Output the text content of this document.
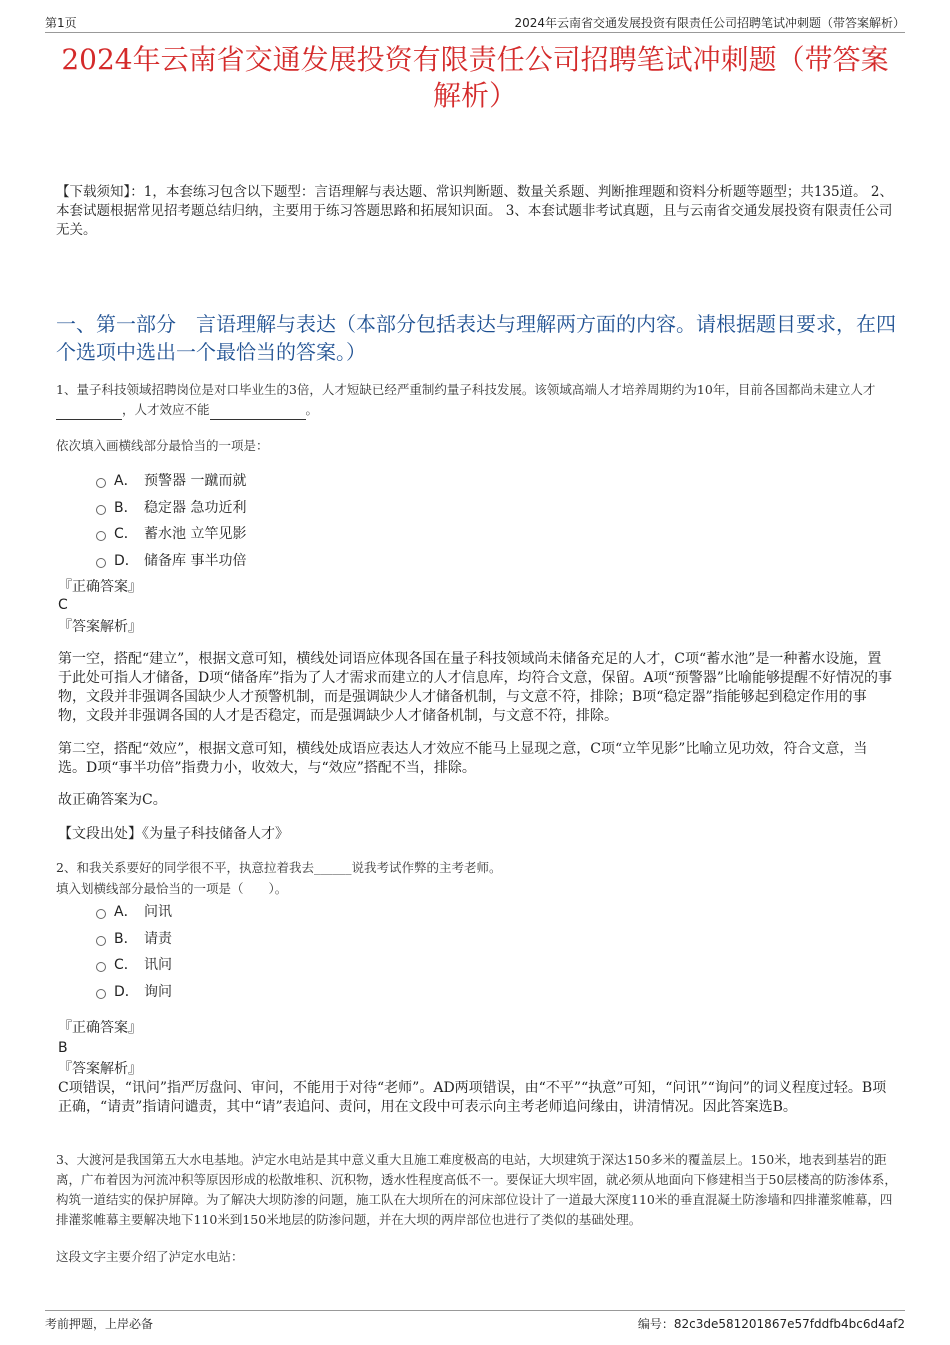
第1页	2024年云南省交通发展投资有限责任公司招聘笔试冲刺题（带答案解析）
2024年云南省交通发展投资有限责任公司招聘笔试冲刺题（带答案解析）
【下载须知】：1，本套练习包含以下题型：言语理解与表达题、常识判断题、数量关系题、判断推理题和资料分析题等题型；共135道。 2、本套试题根据常见招考题总结归纳，主要用于练习答题思路和拓展知识面。 3、本套试题非考试真题，且与云南省交通发展投资有限责任公司无关。
一、第一部分　言语理解与表达（本部分包括表达与理解两方面的内容。请根据题目要求，在四个选项中选出一个最恰当的答案。）
1、量子科技领域招聘岗位是对口毕业生的3倍，人才短缺已经严重制约量子科技发展。该领域高端人才培养周期约为10年，目前各国都尚未建立人才，人才效应不能	。
依次填入画横线部分最恰当的一项是：
A． 预警器 一蹴而就
B． 稳定器 急功近利
C． 蓄水池 立竿见影
D． 储备库 事半功倍
『正确答案』
C
『答案解析』
第一空，搭配“建立”，根据文意可知，横线处词语应体现各国在量子科技领域尚未储备充足的人才，C项“蓄水池”是一种蓄水设施，置于此处可指人才储备，D项“储备库”指为了人才需求而建立的人才信息库，均符合文意，保留。A项“预警器”比喻能够提醒不好情况的事物，文段并非强调各国缺少人才预警机制，而是强调缺少人才储备机制，与文意不符，排除；B项“稳定器”指能够起到稳定作用的事物，文段并非强调各国的人才是否稳定，而是强调缺少人才储备机制，与文意不符，排除。
第二空，搭配“效应”，根据文意可知，横线处成语应表达人才效应不能马上显现之意，C项“立竿见影”比喻立见功效，符合文意，当选。D项“事半功倍”指费力小，收效大，与“效应”搭配不当，排除。
故正确答案为C。
【文段出处】《为量子科技储备人才》
2、和我关系要好的同学很不平，执意拉着我去______说我考试作弊的主考老师。
填入划横线部分最恰当的一项是（　　）。
A． 问讯
B． 请责
C． 讯问
D． 询问
『正确答案』
B
『答案解析』
C项错误，“讯问”指严厉盘问、审问，不能用于对待“老师”。AD两项错误，由“不平”“执意”可知，“问讯”“询问”的词义程度过轻。B项正确，“请责”指请问谴责，其中“请”表追问、责问，用在文段中可表示向主考老师追问缘由，讲清情况。因此答案选B。
3、大渡河是我国第五大水电基地。泸定水电站是其中意义重大且施工难度极高的电站，大坝建筑于深达150多米的覆盖层上。150米，地表到基岩的距离，广布着因为河流冲积等原因形成的松散堆积、沉积物，透水性程度高低不一。要保证大坝牢固，就必须从地面向下修建相当于50层楼高的防渗体系，构筑一道结实的保护屏障。为了解决大坝防渗的问题，施工队在大坝所在的河床部位设计了一道最大深度110米的垂直混凝土防渗墙和四排灌浆帷幕，四排灌浆帷幕主要解决地下110米到150米地层的防渗问题，并在大坝的两岸部位也进行了类似的基础处理。
这段文字主要介绍了泸定水电站：
考前押题，上岸必备	编号：82c3de581201867e57fddfb4bc6d4af2
